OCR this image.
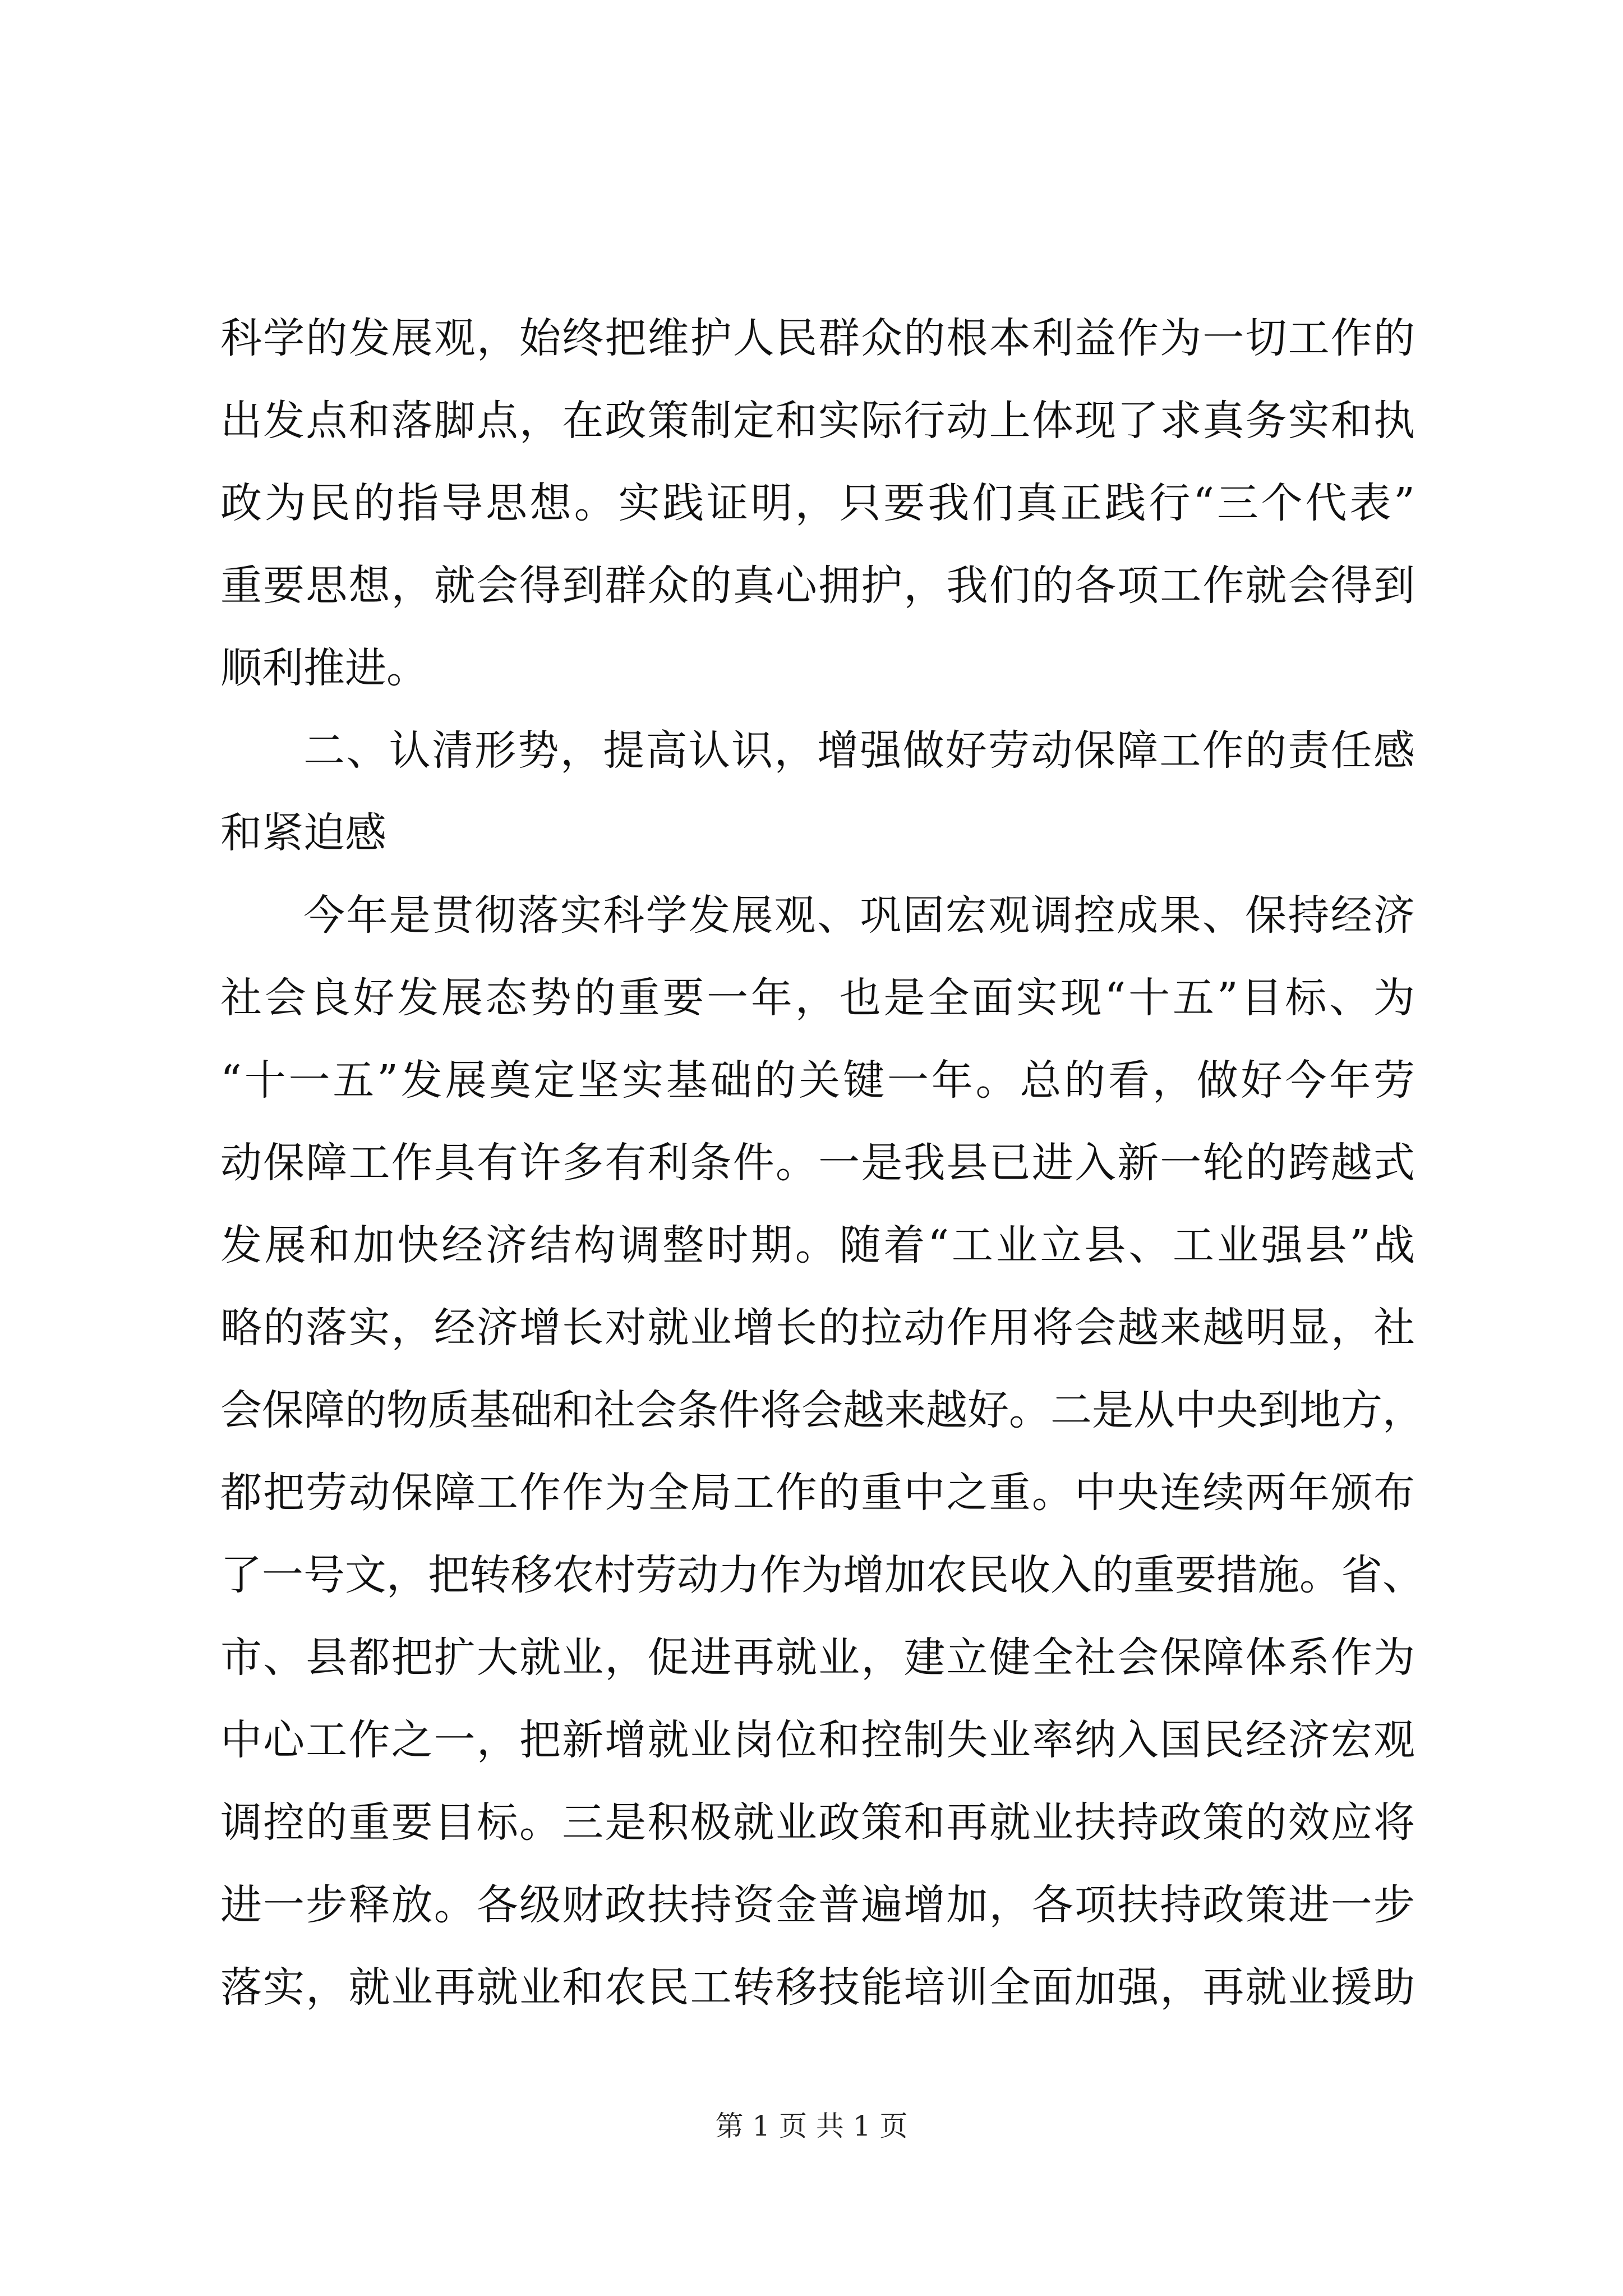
科学的发展观，始终把维护人民群众的根本利益作为一切工作的
出发点和落脚点，在政策制定和实际行动上体现了求真务实和执
政为民的指导思想。实践证明，只要我们真正践行“三个代表”
重要思想，就会得到群众的真心拥护，我们的各项工作就会得到
顺利推进。
二、认清形势，提高认识，增强做好劳动保障工作的责任感
和紧迫感
今年是贯彻落实科学发展观、巩固宏观调控成果、保持经济
社会良好发展态势的重要一年，也是全面实现“十五”目标、为
“十一五”发展奠定坚实基础的关键一年。总的看，做好今年劳
动保障工作具有许多有利条件。一是我县已进入新一轮的跨越式
发展和加快经济结构调整时期。随着“工业立县、工业强县”战
略的落实，经济增长对就业增长的拉动作用将会越来越明显，社
会保障的物质基础和社会条件将会越来越好。二是从中央到地方，
都把劳动保障工作作为全局工作的重中之重。中央连续两年颁布
了一号文，把转移农村劳动力作为增加农民收入的重要措施。省、
市、县都把扩大就业，促进再就业，建立健全社会保障体系作为
中心工作之一，把新增就业岗位和控制失业率纳入国民经济宏观
调控的重要目标。三是积极就业政策和再就业扶持政策的效应将
进一步释放。各级财政扶持资金普遍增加，各项扶持政策进一步
落实，就业再就业和农民工转移技能培训全面加强，再就业援助
第 1 页 共 1 页
